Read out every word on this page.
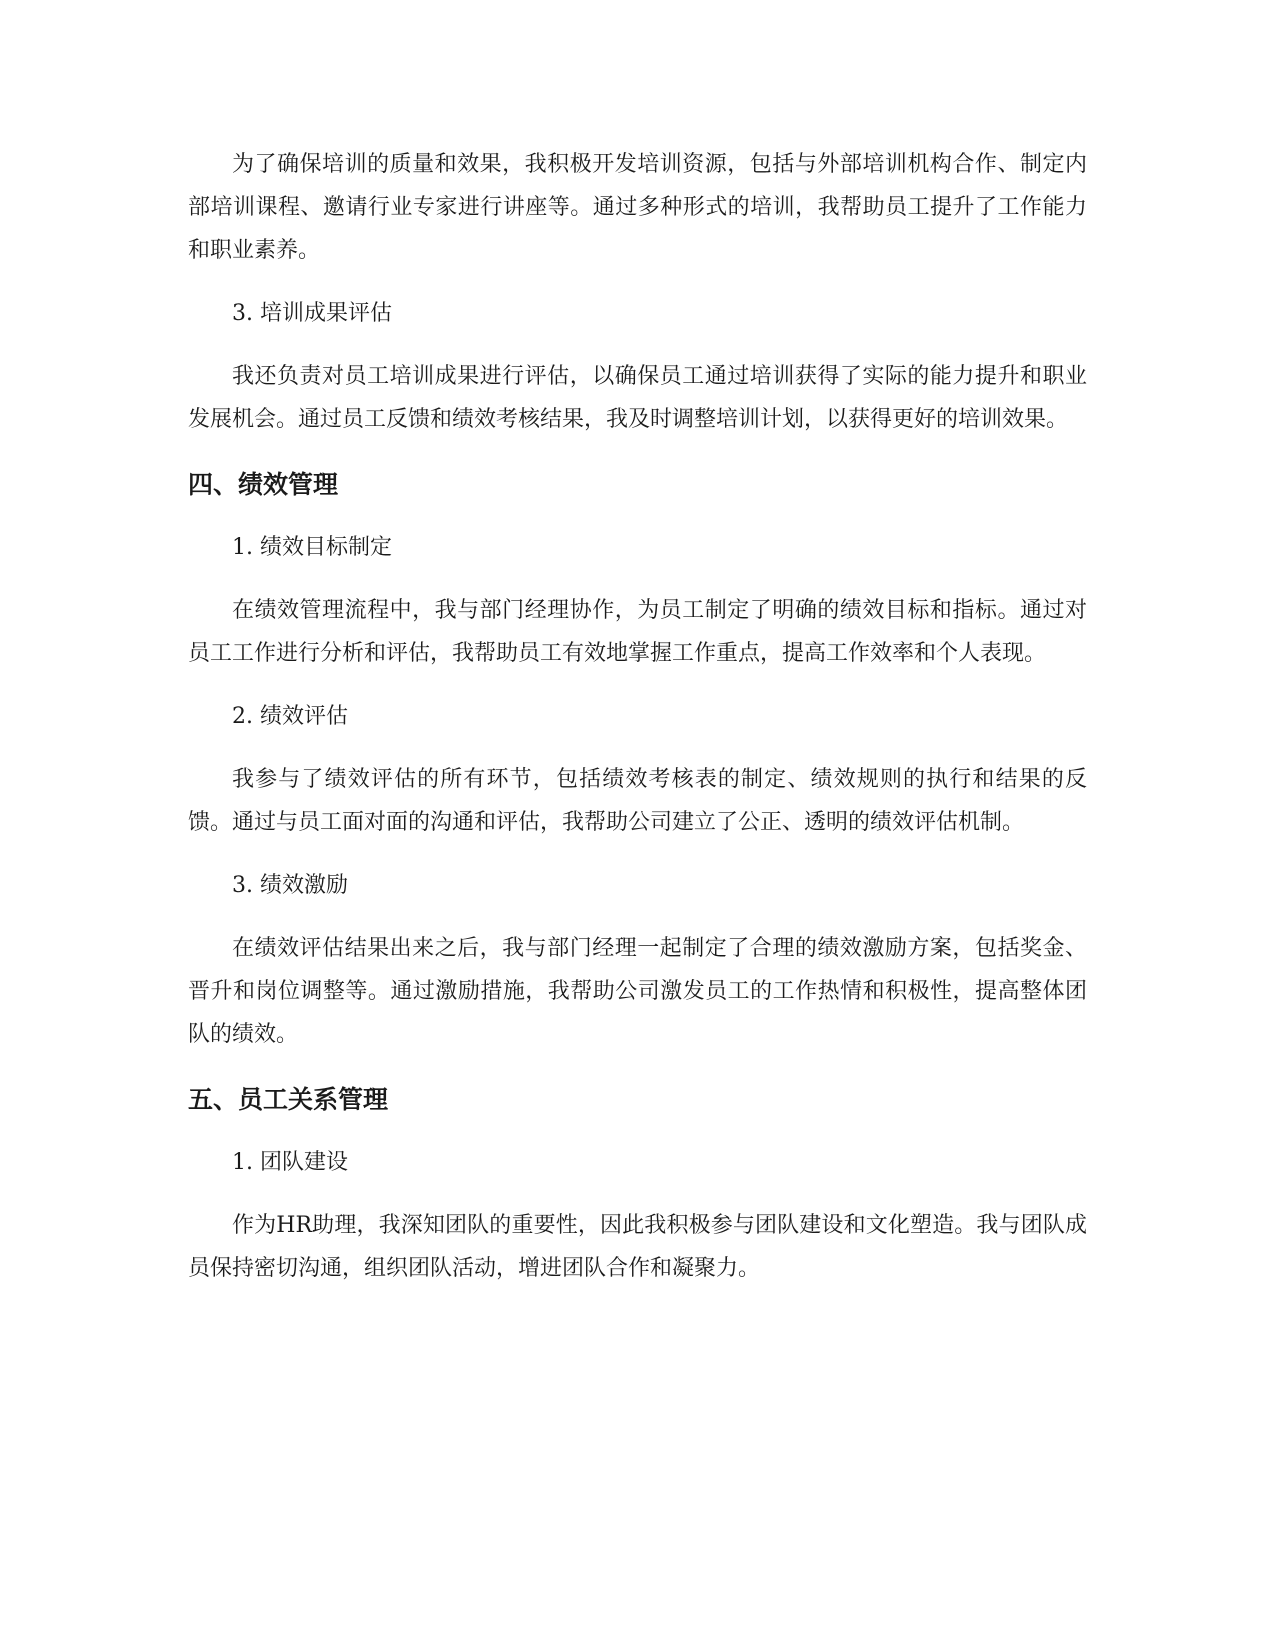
为了确保培训的质量和效果，我积极开发培训资源，包括与外部培训机构合作、制定内部培训课程、邀请行业专家进行讲座等。通过多种形式的培训，我帮助员工提升了工作能力和职业素养。

3. 培训成果评估

我还负责对员工培训成果进行评估，以确保员工通过培训获得了实际的能力提升和职业发展机会。通过员工反馈和绩效考核结果，我及时调整培训计划，以获得更好的培训效果。

四、绩效管理

1. 绩效目标制定

在绩效管理流程中，我与部门经理协作，为员工制定了明确的绩效目标和指标。通过对员工工作进行分析和评估，我帮助员工有效地掌握工作重点，提高工作效率和个人表现。

2. 绩效评估

我参与了绩效评估的所有环节，包括绩效考核表的制定、绩效规则的执行和结果的反馈。通过与员工面对面的沟通和评估，我帮助公司建立了公正、透明的绩效评估机制。

3. 绩效激励

在绩效评估结果出来之后，我与部门经理一起制定了合理的绩效激励方案，包括奖金、晋升和岗位调整等。通过激励措施，我帮助公司激发员工的工作热情和积极性，提高整体团队的绩效。

五、员工关系管理

1. 团队建设

作为HR助理，我深知团队的重要性，因此我积极参与团队建设和文化塑造。我与团队成员保持密切沟通，组织团队活动，增进团队合作和凝聚力。
